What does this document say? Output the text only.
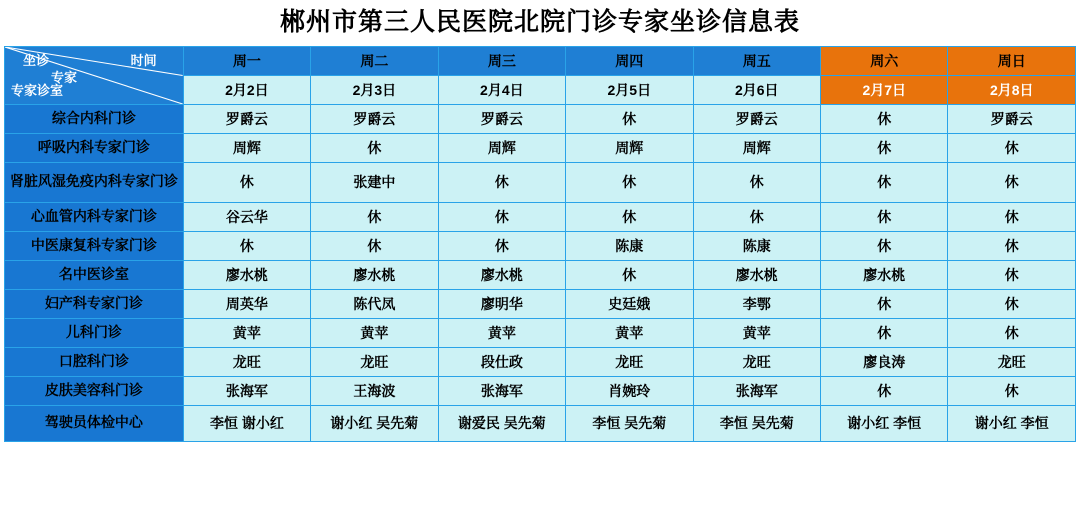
郴州市第三人民医院北院门诊专家坐诊信息表
坐诊 时间
专家
专家诊室	周一	周二	周三	周四	周五	周六	周日
	2月2日	2月3日	2月4日	2月5日	2月6日	2月7日	2月8日
综合内科门诊	罗爵云	罗爵云	罗爵云	休	罗爵云	休	罗爵云
呼吸内科专家门诊	周辉	休	周辉	周辉	周辉	休	休
肾脏风湿免疫内科专家门诊	休	张建中	休	休	休	休	休
心血管内科专家门诊	谷云华	休	休	休	休	休	休
中医康复科专家门诊	休	休	休	陈康	陈康	休	休
名中医诊室	廖水桃	廖水桃	廖水桃	休	廖水桃	廖水桃	休
妇产科专家门诊	周英华	陈代凤	廖明华	史廷娥	李鄂	休	休
儿科门诊	黄苹	黄苹	黄苹	黄苹	黄苹	休	休
口腔科门诊	龙旺	龙旺	段仕政	龙旺	龙旺	廖良涛	龙旺
皮肤美容科门诊	张海军	王海波	张海军	肖婉玲	张海军	休	休
驾驶员体检中心	李恒 谢小红	谢小红 吴先菊	谢爱民 吴先菊	李恒 吴先菊	李恒 吴先菊	谢小红 李恒	谢小红 李恒
